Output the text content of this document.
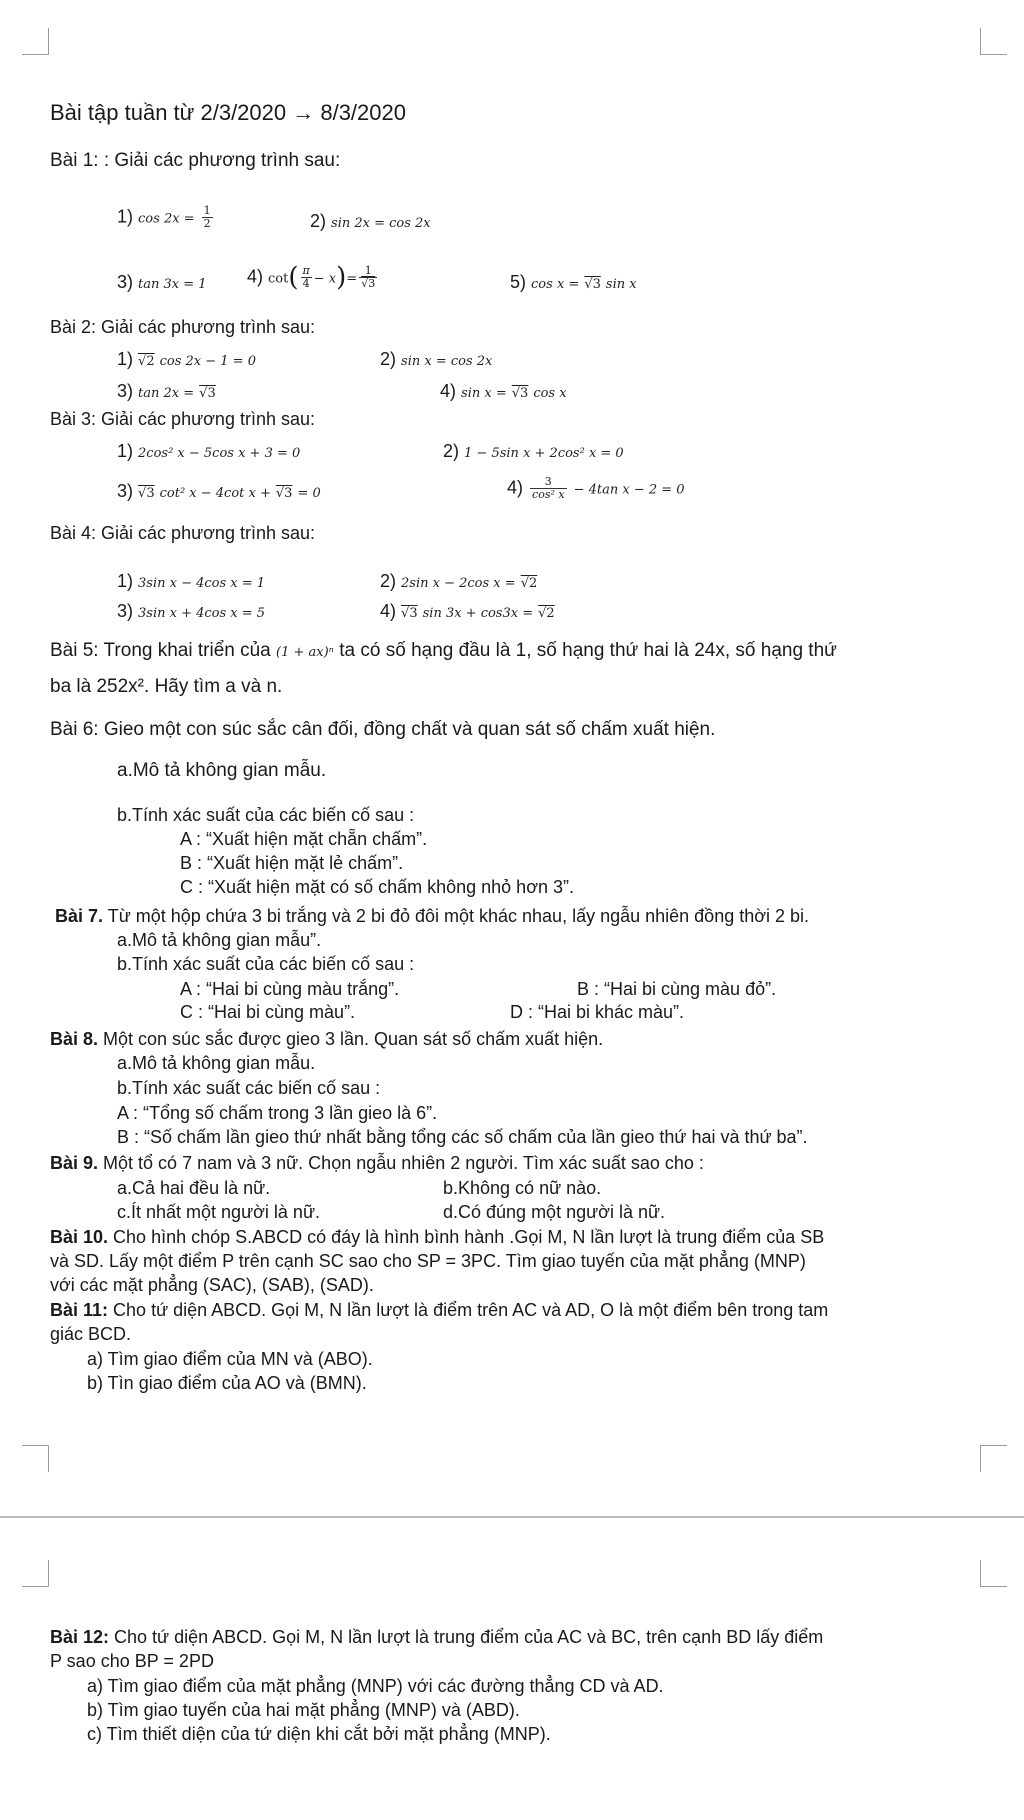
Bài tập tuần từ 2/3/2020 → 8/3/2020
Bài 1: : Giải các phương trình sau:
1) $\cos 2x = \frac{1}{2}$	2) sin 2x = cos 2x
3) tan 3x = 1 4) $\cot( \frac{\pi}{4} - x)= \frac{1}{√3}$	5) cos x = √3 sin x
Bài 2: Giải các phương trình sau:
1) √2 cos 2x − 1 = 0	2) sin x = cos 2x
3) tan 2x = √3	4) sin x = √3 cos x
Bài 3: Giải các phương trình sau:
1) 2cos² x − 5cos x + 3 = 0	2) 1 − 5sin x + 2cos² x = 0
3) √3 cot² x − 4cot x + √3 = 0	$4) \frac{3}{\text{cos² x}} - 4\tan$ x − 2 = 0
Bài 4: Giải các phương trình sau:
1) 3sin x − 4cos x = 1	2) 2sin x − 2cos x = √2
3) 3sin x + 4cos x = 5	4) √3 sin 3x + cos3x = √2
Bài 5: Trong khai triển của (1 + ax)ⁿ ta có số hạng đầu là 1, số hạng thứ hai là 24x, số hạng thứ
ba là 252x². Hãy tìm a và n.
Bài 6: Gieo một con súc sắc cân đối, đồng chất và quan sát số chấm xuất hiện.
a.Mô tả không gian mẫu.
b.Tính xác suất của các biến cố sau :
A : “Xuất hiện mặt chẵn chấm”.
B : “Xuất hiện mặt lẻ chấm”.
C : “Xuất hiện mặt có số chấm không nhỏ hơn 3”.
Bài 7. Từ một hộp chứa 3 bi trắng và 2 bi đỏ đôi một khác nhau, lấy ngẫu nhiên đồng thời 2 bi.
a.Mô tả không gian mẫu”.
b.Tính xác suất của các biến cố sau :
A : “Hai bi cùng màu trắng”.	B : “Hai bi cùng màu đỏ”.
C : “Hai bi cùng màu”.	D : “Hai bi khác màu”.
Bài 8. Một con súc sắc được gieo 3 lần. Quan sát số chấm xuất hiện.
a.Mô tả không gian mẫu.
b.Tính xác suất các biến cố sau :
A : “Tổng số chấm trong 3 lần gieo là 6”.
B : “Số chấm lần gieo thứ nhất bằng tổng các số chấm của lần gieo thứ hai và thứ ba”.
Bài 9. Một tổ có 7 nam và 3 nữ. Chọn ngẫu nhiên 2 người. Tìm xác suất sao cho :
a.Cả hai đều là nữ.	b.Không có nữ nào.
c.Ít nhất một người là nữ.	d.Có đúng một người là nữ.
Bài 10. Cho hình chóp S.ABCD có đáy là hình bình hành .Gọi M, N lần lượt là trung điểm của SB
và SD. Lấy một điểm P trên cạnh SC sao cho SP = 3PC. Tìm giao tuyến của mặt phẳng (MNP)
với các mặt phẳng (SAC), (SAB), (SAD).
Bài 11: Cho tứ diện ABCD. Gọi M, N lần lượt là điểm trên AC và AD, O là một điểm bên trong tam
giác BCD.
a) Tìm giao điểm của MN và (ABO).
b) Tìn giao điểm của AO và (BMN).
Bài 12: Cho tứ diện ABCD. Gọi M, N lần lượt là trung điểm của AC và BC, trên cạnh BD lấy điểm
P sao cho BP = 2PD
a) Tìm giao điểm của mặt phẳng (MNP) với các đường thẳng CD và AD.
b) Tìm giao tuyến của hai mặt phẳng (MNP) và (ABD).
c) Tìm thiết diện của tứ diện khi cắt bởi mặt phẳng (MNP).
